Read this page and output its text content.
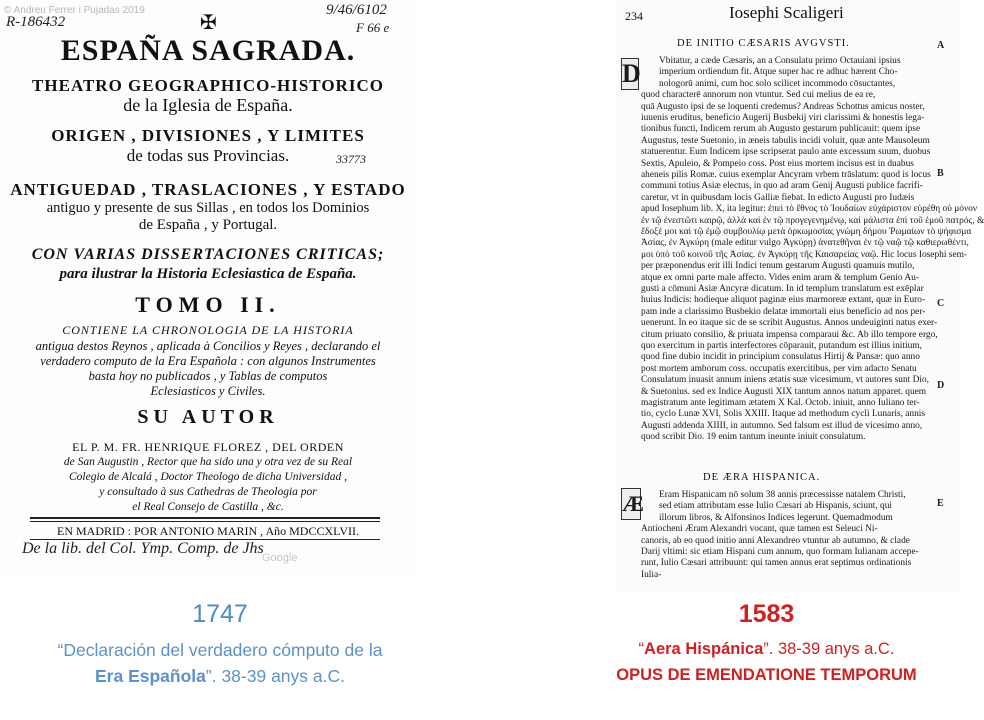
© Andreu Ferrer i Pujadas 2019
R-186432	✠
9/46/6102
F 66 e
ESPAÑA SAGRADA.
THEATRO GEOGRAPHICO-HISTORICO
de la Iglesia de España.
ORIGEN , DIVISIONES , Y LIMITES
de todas sus Provincias.	33773
ANTIGUEDAD , TRASLACIONES , Y ESTADO
antiguo y presente de sus Sillas , en todos los Dominios
de España , y Portugal.
CON VARIAS DISSERTACIONES CRITICAS;
para ilustrar la Historia Eclesiastica de España.
TOMO II.
CONTIENE LA CHRONOLOGIA DE LA HISTORIA
antigua destos Reynos , aplicada à Concilios y Reyes , declarando el
verdadero computo de la Era Española : con algunos Instrumentes
basta hoy no publicados , y Tablas de computos
Eclesiasticos y Civiles.
SU AUTOR
EL P. M. FR. HENRIQUE FLOREZ , DEL ORDEN
de San Augustin , Rector que ha sido una y otra vez de su Real
Colegio de Alcalá , Doctor Theologo de dicha Universidad ,
y consultado à sus Cathedras de Theologia por
el Real Consejo de Castilla , &c.
EN MADRID : POR ANTONIO MARIN , Año MDCCXLVII.
De la lib. del Col. Ymp. Comp. de Jhs
Google
234	Iosephi Scaligeri
DE INITIO CÆSARIS AVGVSTI.
D Vbitatur, a cæde Cæsaris, an a Consulatu primo Octauiani ipsius
imperium ordiendum fit. Atque super hac re adhuc hærent Cho-
nologorū animi, cum hoc solo scilicet incommodo cōsuctantes,
quod characterē annorum non vtuntur. Sed cui melius de ea re,
quā Augusto ipsi de se loquenti credemus? Andreas Schottus amicus noster,
iuuenis eruditus, beneficio Augerij Busbekij viri clarissimi & honestis lega-
tionibus functi, Indicem rerum ab Augusto gestarum publicauit: quem ipse
Augustus, teste Suetonio, in æneis tabulis incidi voluit, quæ ante Mausoleum
statuerentur. Eum Indicem ipse scripserat paulo ante excessum suum, duobus
Sextis, Apuleio, & Pompeio coss. Post eius mortem incisus est in duabus
aheneis pilis Romæ. cuius exemplar Ancyram vrbem trāslatum: quod is locus
communi totius Asiæ electus, in quo ad aram Genij Augusti publice facrifi-
caretur, vt in quibusdam locis Galliæ fiebat. In edicto Augusti pro Iudæis
apud Iosephum lib. X, ita legitur: ἐπεὶ τὸ ἔθνος τὸ Ἰουδαίων εὐχάριστον εὑρέθη οὐ μόνον
ἐν τῷ ἐνεστῶτι καιρῷ, ἀλλὰ καὶ ἐν τῷ προγεγενημένῳ, καὶ μάλιστα ἐπὶ τοῦ ἐμοῦ πατρός, &
ἔδοξέ μοι καὶ τῷ ἐμῷ συμβουλίῳ μετὰ ὁρκωμοσίας γνώμη δήμου Ῥωμαίων τὸ ψήφισμα
Ἀσίας, ἐν Ἀγκύρη (male editur vulgo Ἀγκύρῃ) ἀνατεθῆναι ἐν τῷ ναῷ τῷ καθιερωθέντι,
μοι ὑπὸ τοῦ κοινοῦ τῆς Ἀσίας. ἐν Ἀγκύρῃ τῆς Καισαρείας ναῷ. Hic locus Iosephi sem-
per præponendus erit illi Indici tenum gestarum Augusti quamuis mutilo,
atque ex omni parte male affecto. Vides enim aram & templum Genio Au-
gusti a cōmuni Asiæ Ancyræ dicatum. In id templum translatum est exēplar
huius Indicis: hodieque aliquot paginæ eius marmoreæ extant, quæ in Euro-
pam inde a clarissimo Busbekio delatæ immortali eius beneficio ad nos per-
uenerunt. In eo itaque sic de se scribit Augustus. Annos undeuiginti natus exer-
citum priuato consilio, & priuata impensa comparaui &c. Ab illo tempore ergo,
quo exercitum in partis interfectores cōparauit, putandum est illius initium,
quod fine dubio incidit in principium consulatus Hirtij & Pansæ: quo anno
post mortem amborum coss. occupatis exercitibus, per vim adacto Senatu
Consulatum inuasit annum iniens ætatis suæ vicesimum, vt autores sunt Dio,
& Suetonius. sed ex Indice Augusti XIX tantum annos natum apparet. quem
magistratum ante legitimam ætatem X Kal. Octob. iniuit, anno Iuliano ter-
tio, cyclo Lunæ XVI, Solis XXIII. Itaque ad methodum cycli Lunaris, annis
Augusti addenda XIIII, in autumno. Sed falsum est illud de vicesimo anno,
quod scribit Dio. 19 enim tantum ineunte iniuit consulatum.
DE ÆRA HISPANICA.
Æ Eram Hispanicam nō solum 38 annis præcessisse natalem Christi,
sed etiam attributam esse Iulio Cæsari ab Hispanis, sciunt, qui
illorum libros, & Alfonsinos Indices legerunt. Quemadmodum
Antiocheni Æram Alexandri vocant, quæ tamen est Seleuci Ni-
canoris, ab eo quod initio anni Alexandreo vtuntur ab autumno, & clade
Darij vltimi: sic etiam Hispani cum annum, quo formam Iulianam accepe-
runt, Iulio Cæsari attribuunt: qui tamen annus erat septimus ordinationis
Iulia-
A
B
C
D
E
1747
“Declaración del verdadero cómputo de la
Era Española”. 38-39 anys a.C.
1583
“Aera Hispánica”. 38-39 anys a.C.
OPUS DE EMENDATIONE TEMPORUM
